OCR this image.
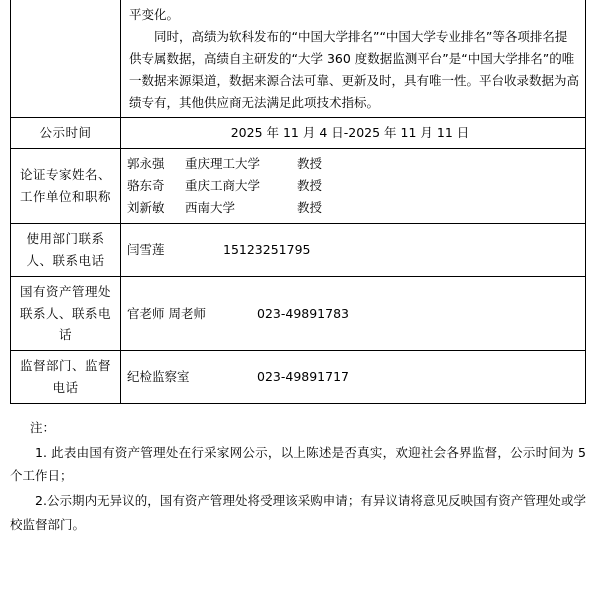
	平变化。

同时，高绩为软科发布的“中国大学排名”“中国大学专业排名”等各项排名提供专属数据，高绩自主研发的“大学 360 度数据监测平台”是“中国大学排名”的唯一数据来源渠道，数据来源合法可靠、更新及时，具有唯一性。平台收录数据为高绩专有，其他供应商无法满足此项技术指标。

公示时间	2025 年 11 月 4 日-2025 年 11 月 11 日
论证专家姓名、工作单位和职称	郭永强 重庆理工大学 教授
骆东奇 重庆工商大学 教授
刘新敏 西南大学 教授

使用部门联系人、联系电话	闫雪莲 15123251795
国有资产管理处联系人、联系电话	官老师 周老师 023-49891783
监督部门、监督电话	纪检监察室 023-49891717

注：

1. 此表由国有资产管理处在行采家网公示，以上陈述是否真实，欢迎社会各界监督，公示时间为 5 个工作日；

2.公示期内无异议的，国有资产管理处将受理该采购申请；有异议请将意见反映国有资产管理处或学校监督部门。
